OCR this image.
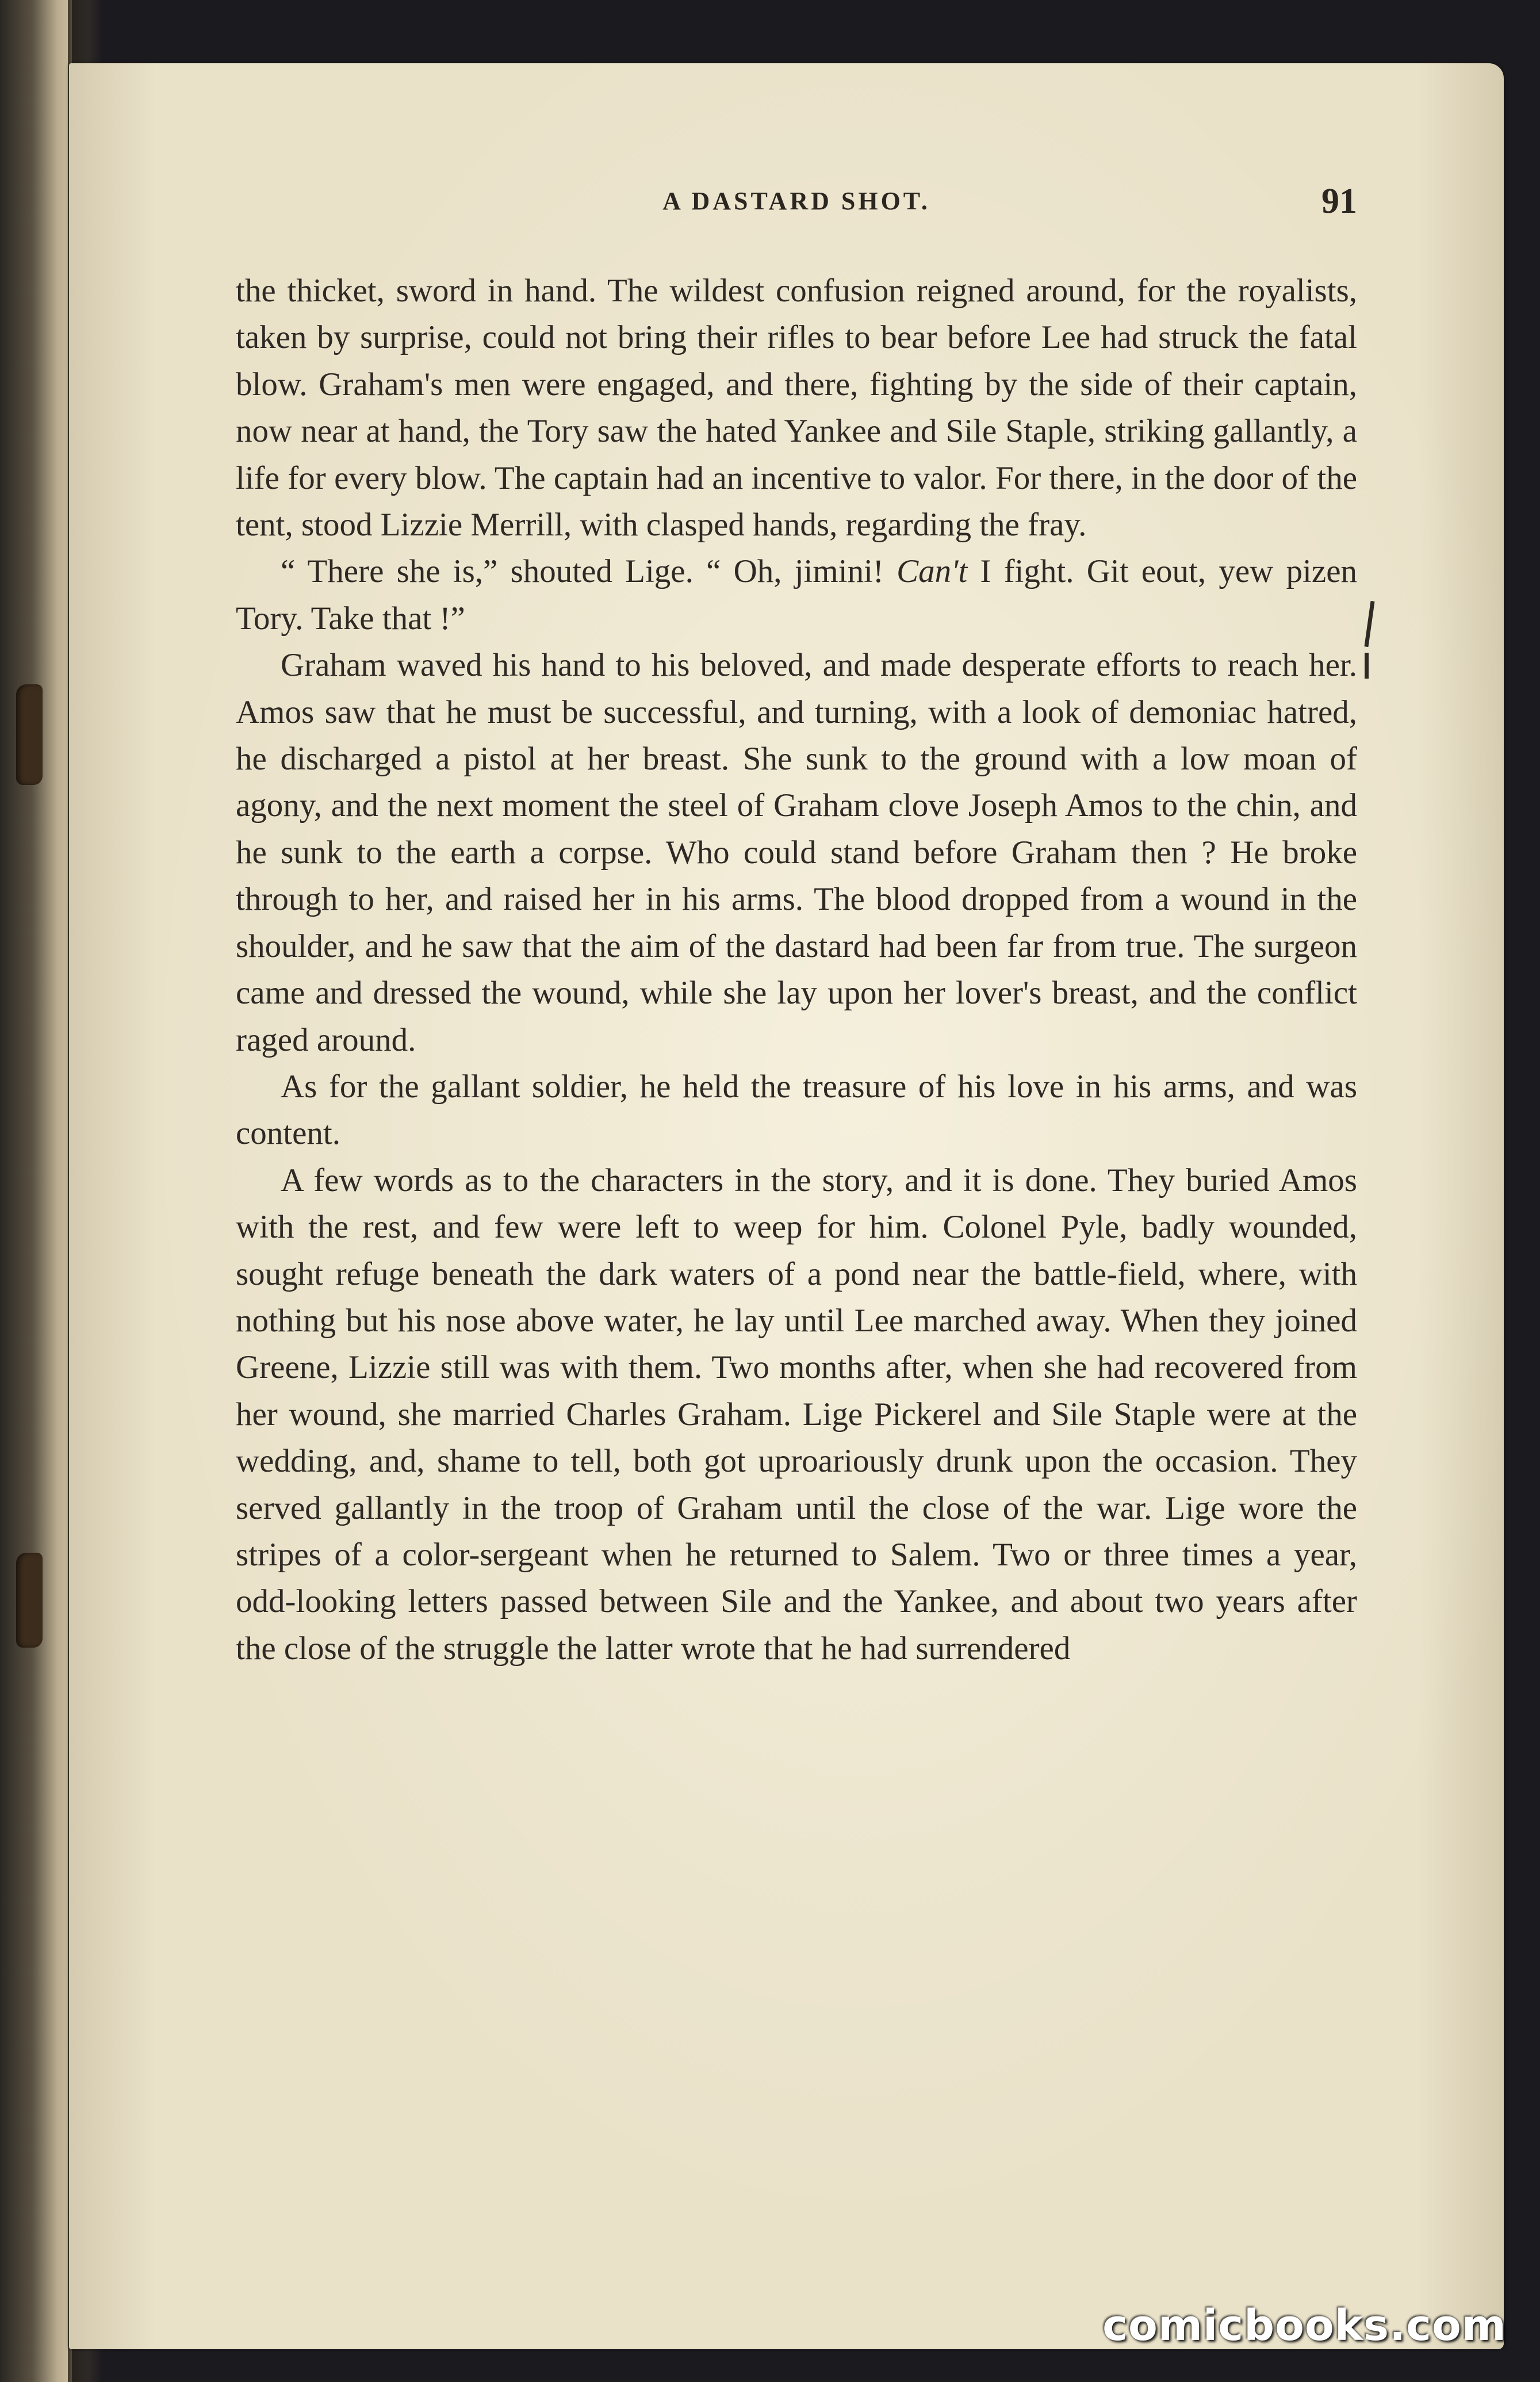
A DASTARD SHOT.	91

the thicket, sword in hand. The wildest confusion reigned around, for the royalists, taken by surprise, could not bring their rifles to bear before Lee had struck the fatal blow. Graham's men were engaged, and there, fighting by the side of their captain, now near at hand, the Tory saw the hated Yankee and Sile Staple, striking gallantly, a life for every blow. The captain had an incentive to valor. For there, in the door of the tent, stood Lizzie Merrill, with clasped hands, regarding the fray.

“ There she is,” shouted Lige. “ Oh, jimini! Can't I fight. Git eout, yew pizen Tory. Take that !”

Graham waved his hand to his beloved, and made desperate efforts to reach her. Amos saw that he must be successful, and turning, with a look of demoniac hatred, he discharged a pistol at her breast. She sunk to the ground with a low moan of agony, and the next moment the steel of Graham clove Joseph Amos to the chin, and he sunk to the earth a corpse. Who could stand before Graham then ? He broke through to her, and raised her in his arms. The blood dropped from a wound in the shoulder, and he saw that the aim of the dastard had been far from true. The surgeon came and dressed the wound, while she lay upon her lover's breast, and the conflict raged around.

As for the gallant soldier, he held the treasure of his love in his arms, and was content.

A few words as to the characters in the story, and it is done. They buried Amos with the rest, and few were left to weep for him. Colonel Pyle, badly wounded, sought refuge beneath the dark waters of a pond near the battle-field, where, with nothing but his nose above water, he lay until Lee marched away. When they joined Greene, Lizzie still was with them. Two months after, when she had recovered from her wound, she married Charles Graham. Lige Pickerel and Sile Staple were at the wedding, and, shame to tell, both got uproariously drunk upon the occasion. They served gallantly in the troop of Graham until the close of the war. Lige wore the stripes of a color-sergeant when he returned to Salem. Two or three times a year, odd-looking letters passed between Sile and the Yankee, and about two years after the close of the struggle the latter wrote that he had surrendered

comicbooks.com
